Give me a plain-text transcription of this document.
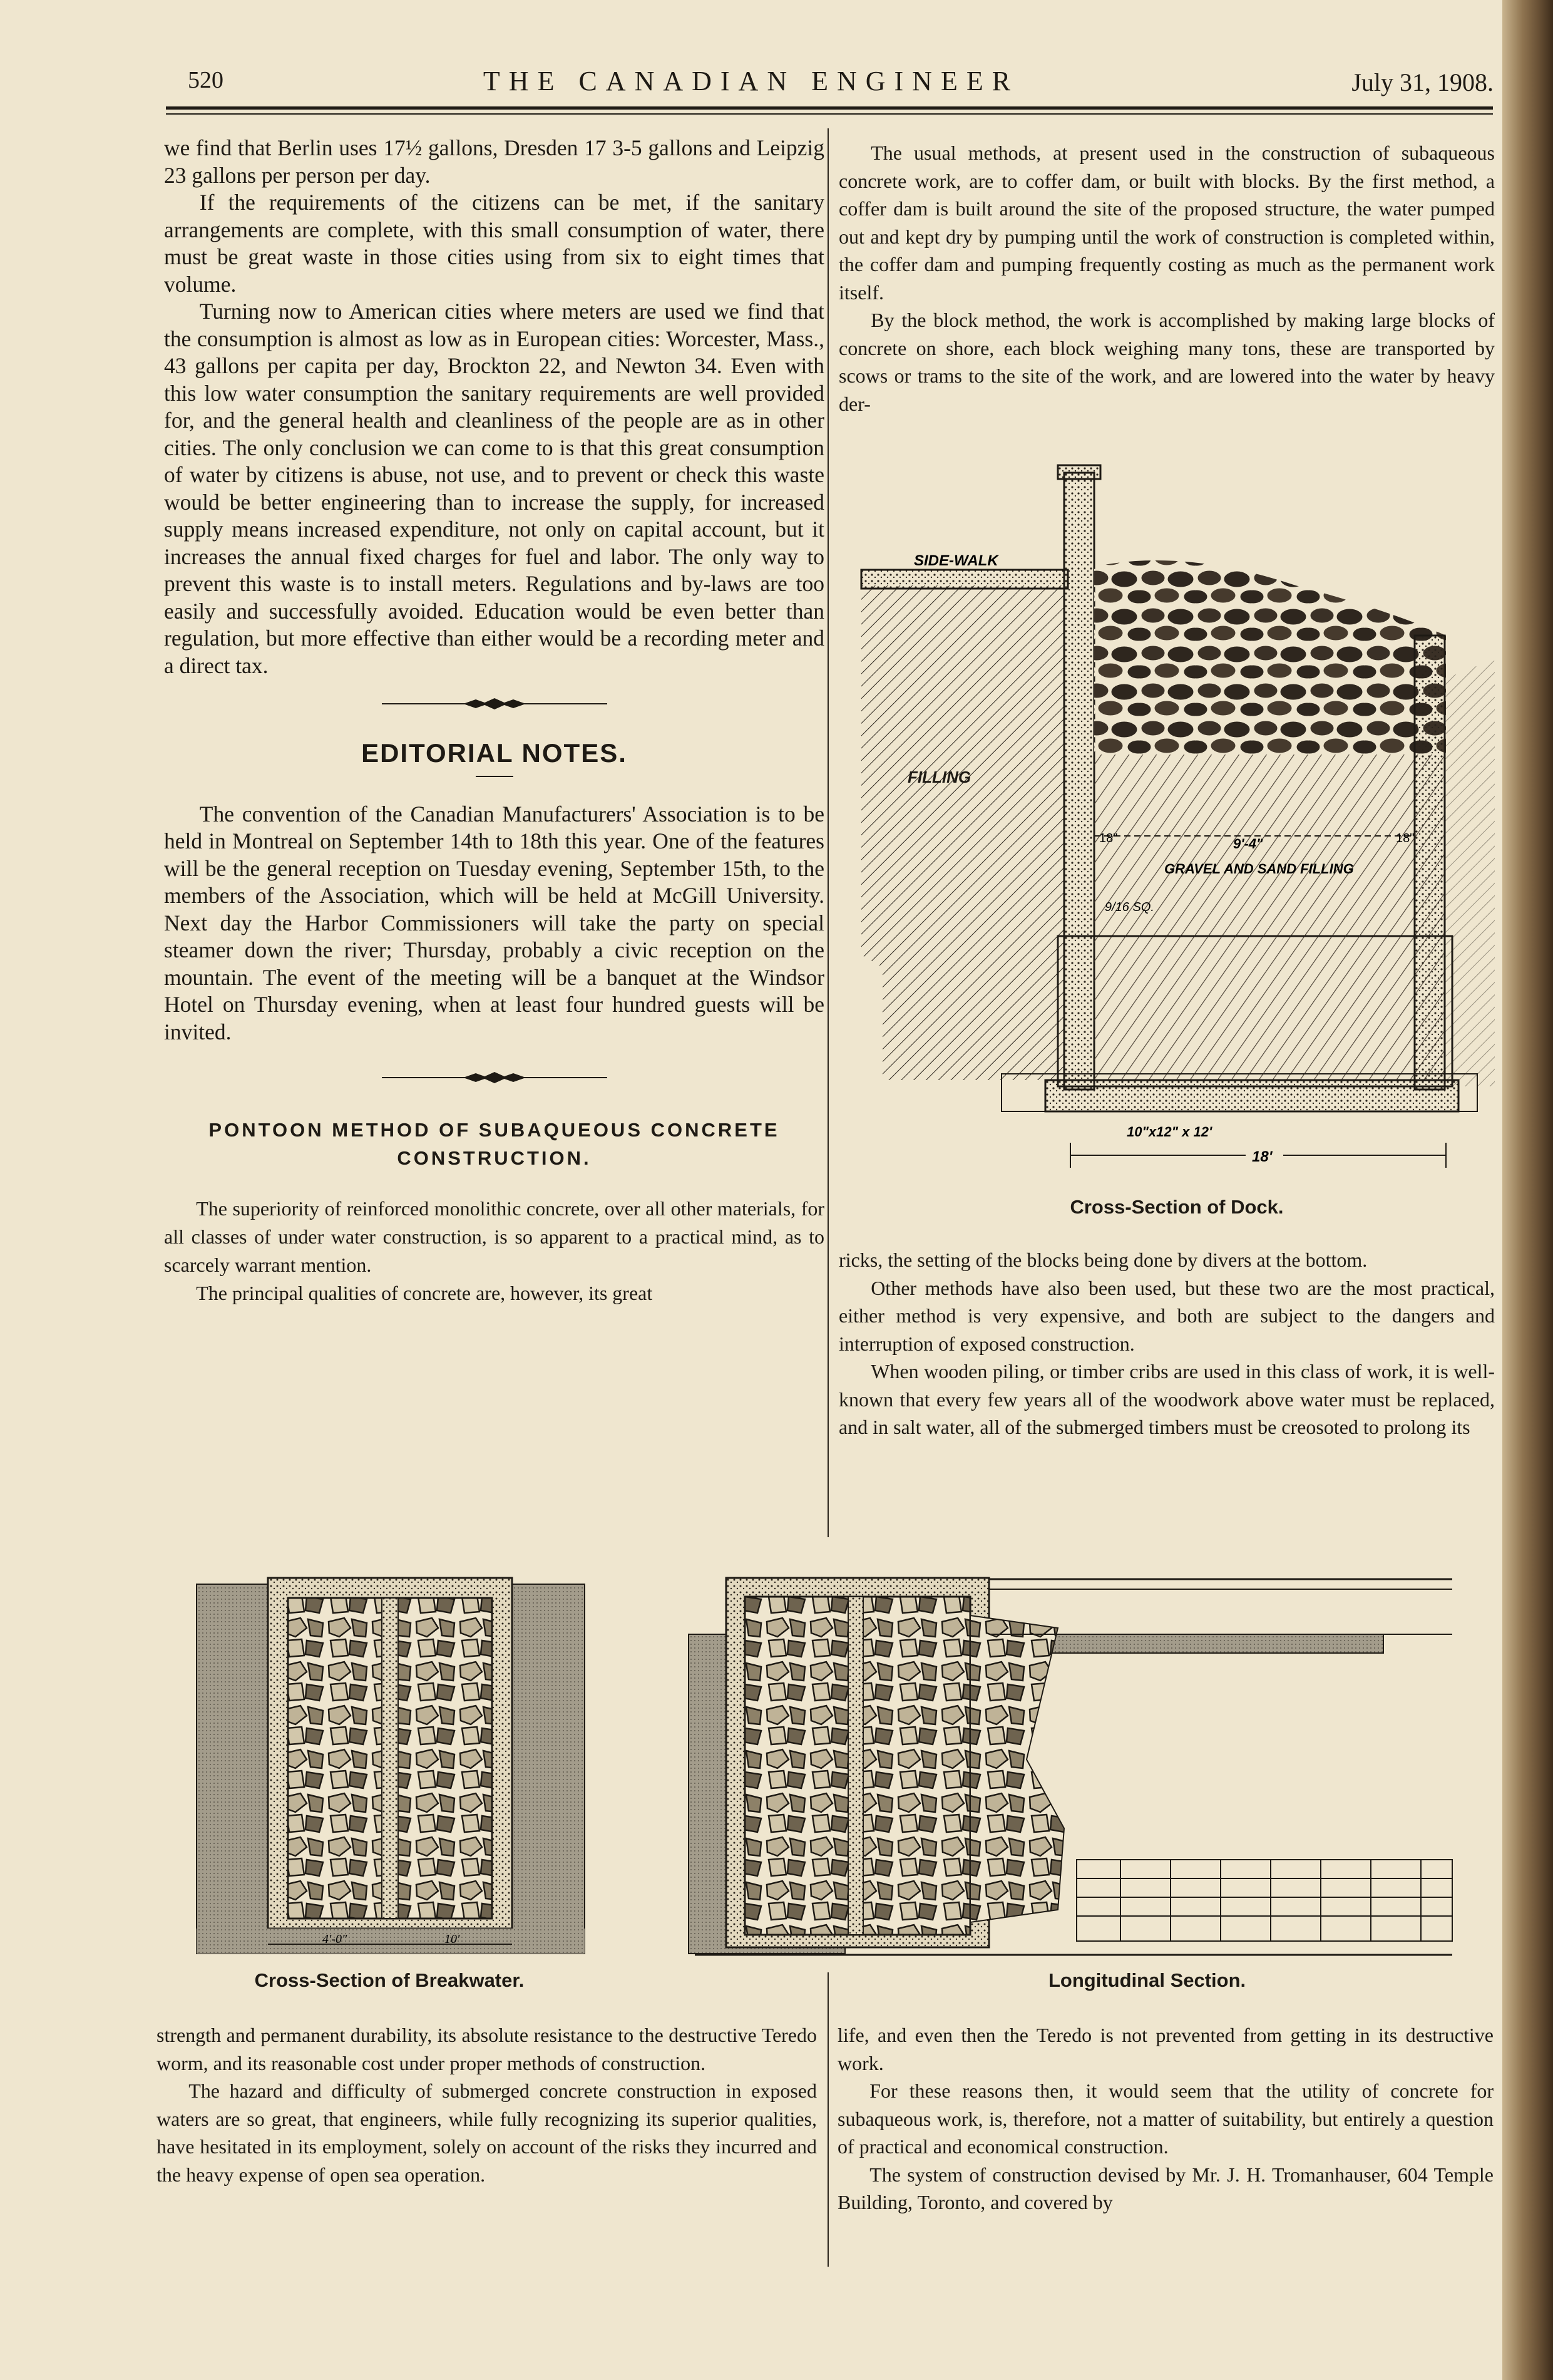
520	THE CANADIAN ENGINEER	July 31, 1908.

we find that Berlin uses 17½ gallons, Dresden 17 3-5 gallons and Leipzig 23 gallons per person per day.

If the requirements of the citizens can be met, if the sanitary arrangements are complete, with this small consumption of water, there must be great waste in those cities using from six to eight times that volume.

Turning now to American cities where meters are used we find that the consumption is almost as low as in European cities: Worcester, Mass., 43 gallons per capita per day, Brockton 22, and Newton 34. Even with this low water consumption the sanitary requirements are well provided for, and the general health and cleanliness of the people are as in other cities. The only conclusion we can come to is that this great consumption of water by citizens is abuse, not use, and to prevent or check this waste would be better engineering than to increase the supply, for increased supply means increased expenditure, not only on capital account, but it increases the annual fixed charges for fuel and labor. The only way to prevent this waste is to install meters. Regulations and by-laws are too easily and successfully avoided. Education would be even better than regulation, but more effective than either would be a recording meter and a direct tax.

EDITORIAL NOTES.

The convention of the Canadian Manufacturers' Association is to be held in Montreal on September 14th to 18th this year. One of the features will be the general reception on Tuesday evening, September 15th, to the members of the Association, which will be held at McGill University. Next day the Harbor Commissioners will take the party on special steamer down the river; Thursday, probably a civic reception on the mountain. The event of the meeting will be a banquet at the Windsor Hotel on Thursday evening, when at least four hundred guests will be invited.

PONTOON METHOD OF SUBAQUEOUS CONCRETE CONSTRUCTION.

The superiority of reinforced monolithic concrete, over all other materials, for all classes of under water construction, is so apparent to a practical mind, as to scarcely warrant mention.

The principal qualities of concrete are, however, its great

The usual methods, at present used in the construction of subaqueous concrete work, are to coffer dam, or built with blocks. By the first method, a coffer dam is built around the site of the proposed structure, the water pumped out and kept dry by pumping until the work of construction is completed within, the coffer dam and pumping frequently costing as much as the permanent work itself.

By the block method, the work is accomplished by making large blocks of concrete on shore, each block weighing many tons, these are transported by scows or trams to the site of the work, and are lowered into the water by heavy der-

SIDE-WALK
FILLING
9'-4"
GRAVEL AND SAND FILLING
18"	18"
9/16 SQ.
10"x12" x 12'
18'
Cross-Section of Dock.

ricks, the setting of the blocks being done by divers at the bottom.

Other methods have also been used, but these two are the most practical, either method is very expensive, and both are subject to the dangers and interruption of exposed construction.

When wooden piling, or timber cribs are used in this class of work, it is well-known that every few years all of the woodwork above water must be replaced, and in salt water, all of the submerged timbers must be creosoted to prolong its

4'-0"	10'
Cross-Section of Breakwater.	Longitudinal Section.

strength and permanent durability, its absolute resistance to the destructive Teredo worm, and its reasonable cost under proper methods of construction.

The hazard and difficulty of submerged concrete construction in exposed waters are so great, that engineers, while fully recognizing its superior qualities, have hesitated in its employment, solely on account of the risks they incurred and the heavy expense of open sea operation.

life, and even then the Teredo is not prevented from getting in its destructive work.

For these reasons then, it would seem that the utility of concrete for subaqueous work, is, therefore, not a matter of suitability, but entirely a question of practical and economical construction.

The system of construction devised by Mr. J. H. Tromanhauser, 604 Temple Building, Toronto, and covered by
